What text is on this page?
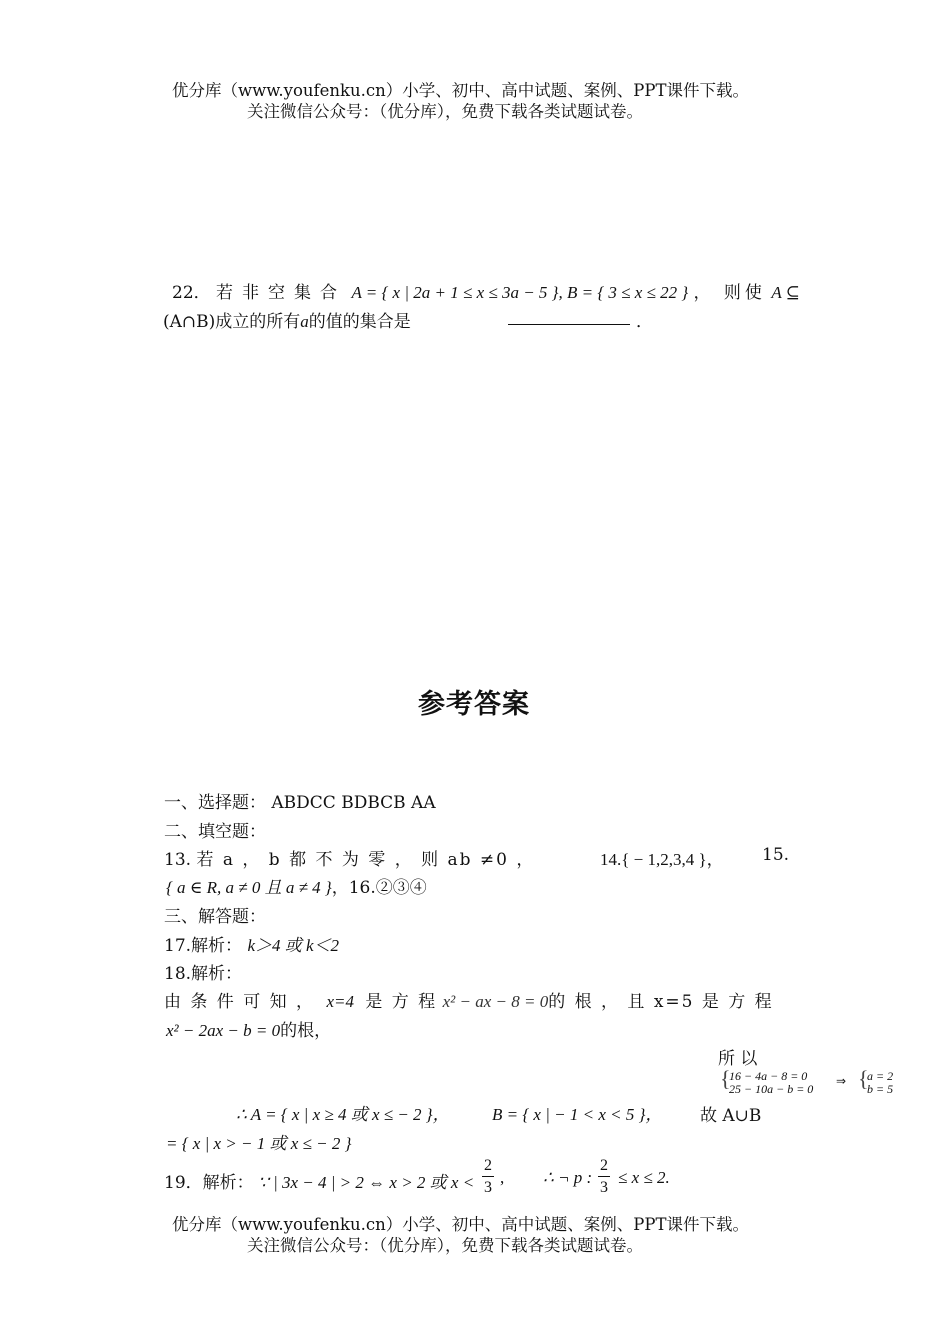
优分库（www.youfenku.cn）小学、初中、高中试题、案例、PPT课件下载。
关注微信公众号：（优分库），免费下载各类试题试卷。
22． 若非空集合 A = { x | 2a + 1 ≤ x ≤ 3a − 5 }, B = { 3 ≤ x ≤ 22 } ， 则使 A ⊆
(A∩B)成立的所有a的值的集合是	．
参考答案
一、选择题： ABDCC BDBCB AA
二、填空题：
13. 若 a ， b 都 不 为 零 ， 则 ab ≠0 ，	14.{ − 1,2,3,4 }， 15.
{ a ∈ R, a ≠ 0 且 a ≠ 4 }，16.②③④
三、解答题：
17.解析： k＞4 或 k＜2
18.解析：
由 条 件 可 知 ， x=4 是 方 程 x² − ax − 8 = 0的 根 ， 且 x=5 是 方 程
x² − 2ax − b = 0的根，
所 以
{
16 − 4a − 8 = 0
25 − 10a − b = 0
⇒ {
a = 2
b = 5
∴ A = { x | x ≥ 4 或 x ≤ − 2 }， B = { x | − 1 < x < 5 }， 故 A∪B
= { x | x > − 1 或 x ≤ − 2 }
19．解析： ∵ | 3x − 4 | > 2 ⇔ x > 2 或 $x < \frac{2}{3}$ , ∴ ¬ p : $\frac{2}{3} \le x \le 2$.
优分库（www.youfenku.cn）小学、初中、高中试题、案例、PPT课件下载。
关注微信公众号：（优分库），免费下载各类试题试卷。
